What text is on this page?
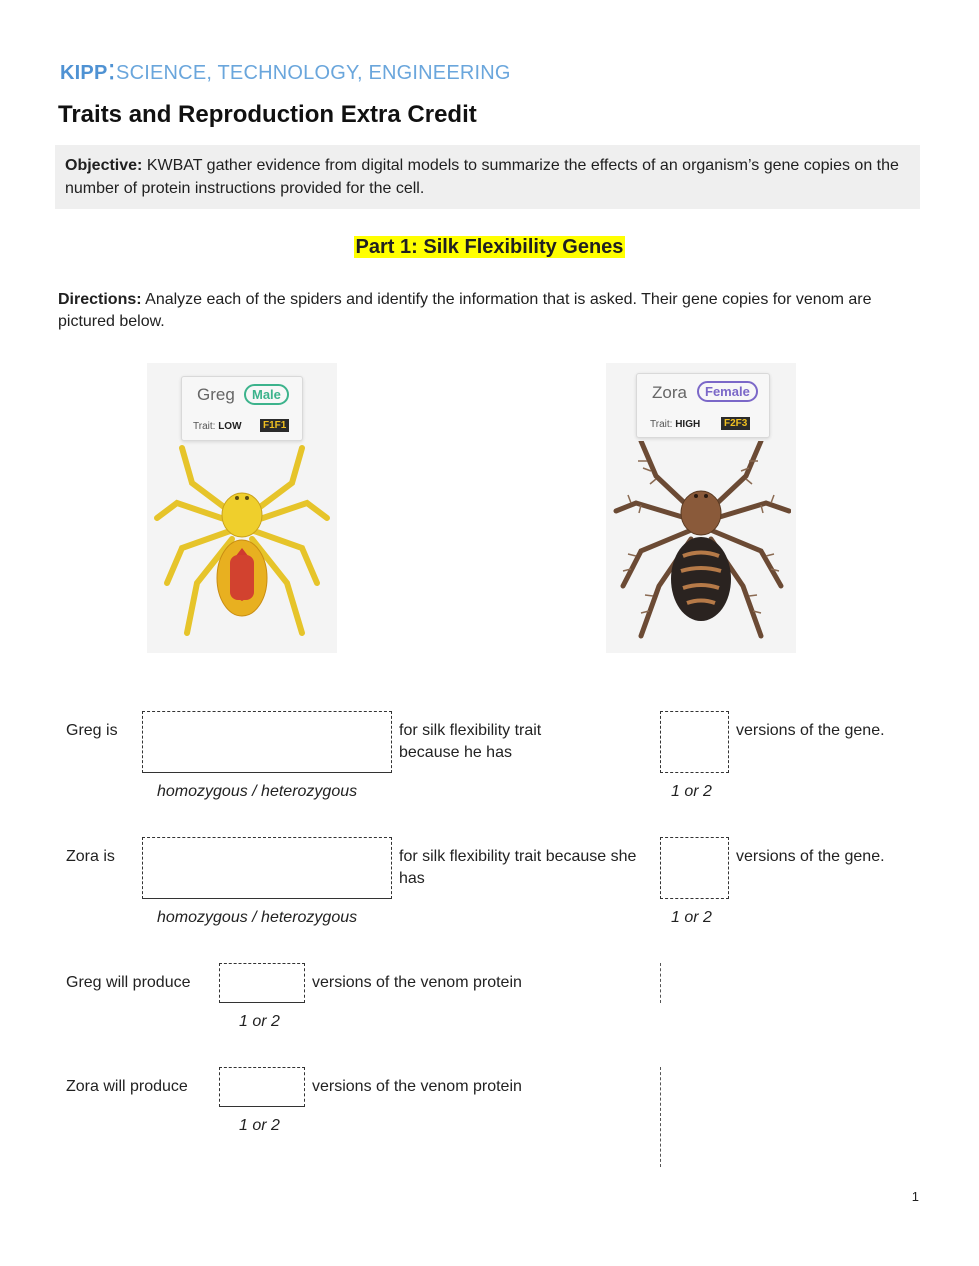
KIPP⁚SCIENCE, TECHNOLOGY, ENGINEERING
Traits and Reproduction Extra Credit
Objective: KWBAT gather evidence from digital models to summarize the effects of an organism’s gene copies on the number of protein instructions provided for the cell.
Part 1: Silk Flexibility Genes
Directions: Analyze each of the spiders and identify the information that is asked. Their gene copies for venom are pictured below.
Greg	Male
Trait: LOW	F1F1
Zora	Female
Trait: HIGH	F2F3
Greg is	for silk flexibility trait because he has
versions of the gene.
homozygous / heterozygous	1 or 2
Zora is	for silk flexibility trait because she has
versions of the gene.
homozygous / heterozygous	1 or 2
Greg will produce	versions of the venom protein
1 or 2
Zora will produce	versions of the venom protein
1 or 2
1
